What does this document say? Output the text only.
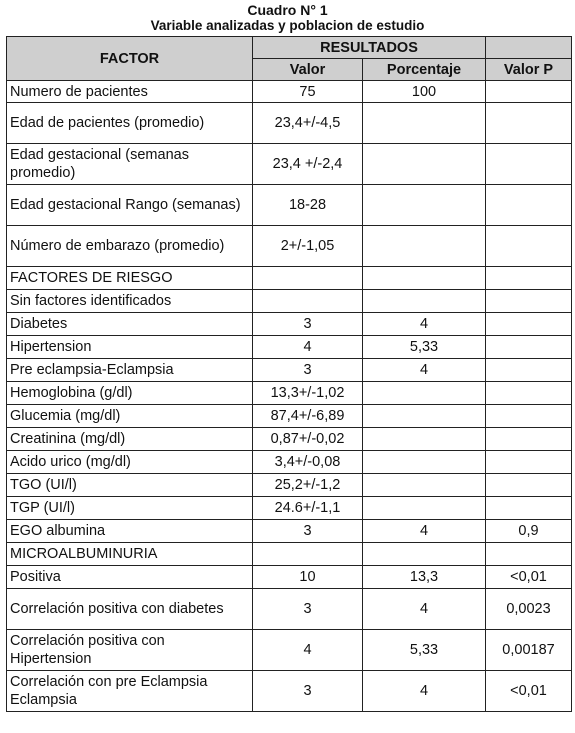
Cuadro N° 1
Variable analizadas y poblacion de estudio
FACTOR	RESULTADOS		
	Valor	Porcentaje	Valor P
Numero de pacientes	75	100	
Edad de pacientes (promedio)	23,4+/-4,5		
Edad gestacional (semanas promedio)	23,4 +/-2,4		
Edad gestacional Rango (semanas)	18-28		
Número de embarazo (promedio)	2+/-1,05		
FACTORES DE RIESGO			
Sin factores identificados			
Diabetes	3	4	
Hipertension	4	5,33	
Pre eclampsia-Eclampsia	3	4	
Hemoglobina (g/dl)	13,3+/-1,02		
Glucemia (mg/dl)	87,4+/-6,89		
Creatinina (mg/dl)	0,87+/-0,02		
Acido urico (mg/dl)	3,4+/-0,08		
TGO (UI/l)	25,2+/-1,2		
TGP (UI/l)	24.6+/-1,1		
EGO albumina	3	4	0,9
MICROALBUMINURIA			
Positiva	10	13,3	<0,01
Correlación positiva con diabetes	3	4	0,0023
Correlación positiva con Hipertension	4	5,33	0,00187
Correlación con pre Eclampsia Eclampsia	3	4	<0,01
